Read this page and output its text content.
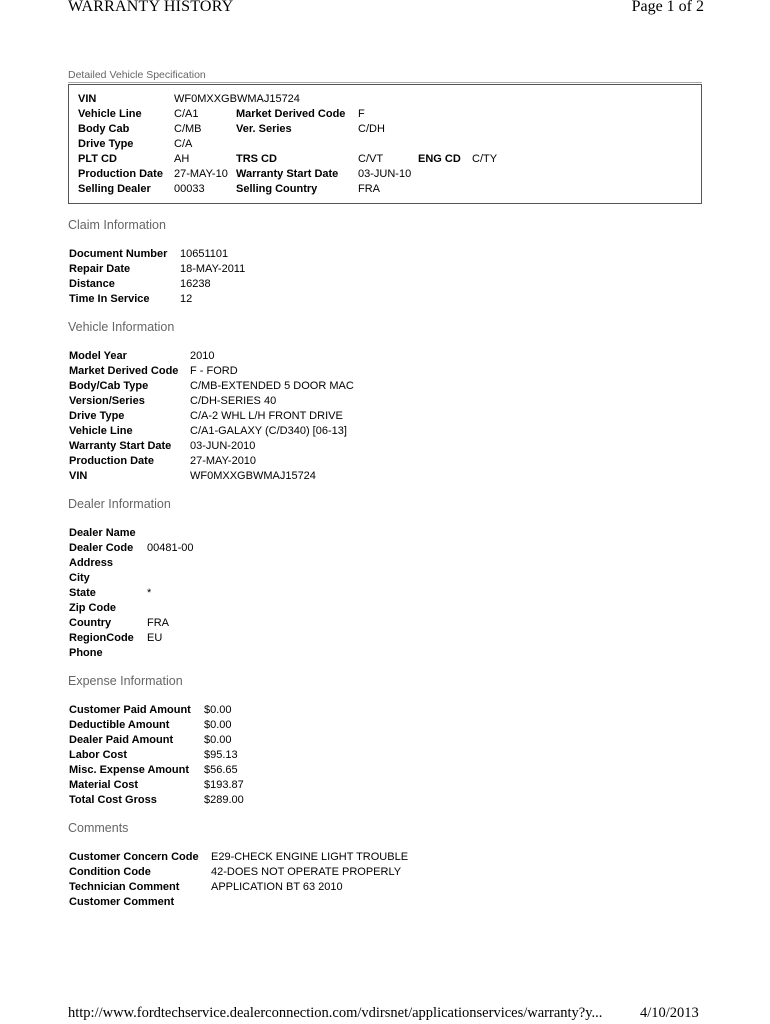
WARRANTY HISTORY	Page 1 of 2
Detailed Vehicle Specification
VIN	WF0MXXGBWMAJ15724
Vehicle Line	C/A1	Market Derived Code F
Body Cab	C/MB	Ver. Series	C/DH
Drive Type	C/A
PLT CD	AH	TRS CD	C/VT	ENG CD C/TY
Production Date 27-MAY-10 Warranty Start Date 03-JUN-10
Selling Dealer 00033	Selling Country	FRA
Claim Information
Document Number 10651101
Repair Date	18-MAY-2011
Distance	16238
Time In Service	12
Vehicle Information
Model Year	2010
Market Derived Code F - FORD
Body/Cab Type	C/MB-EXTENDED 5 DOOR MAC
Version/Series	C/DH-SERIES 40
Drive Type	C/A-2 WHL L/H FRONT DRIVE
Vehicle Line	C/A1-GALAXY (C/D340) [06-13]
Warranty Start Date 03-JUN-2010
Production Date	27-MAY-2010
VIN	WF0MXXGBWMAJ15724
Dealer Information
Dealer Name
Dealer Code 00481-00
Address
City
State	*
Zip Code
Country	FRA
RegionCode EU
Phone
Expense Information
Customer Paid Amount $0.00
Deductible Amount	$0.00
Dealer Paid Amount	$0.00
Labor Cost	$95.13
Misc. Expense Amount $56.65
Material Cost	$193.87
Total Cost Gross	$289.00
Comments
Customer Concern Code E29-CHECK ENGINE LIGHT TROUBLE
Condition Code	42-DOES NOT OPERATE PROPERLY
Technician Comment	APPLICATION BT 63 2010
Customer Comment
http://www.fordtechservice.dealerconnection.com/vdirsnet/applicationservices/warranty?y...	4/10/2013
